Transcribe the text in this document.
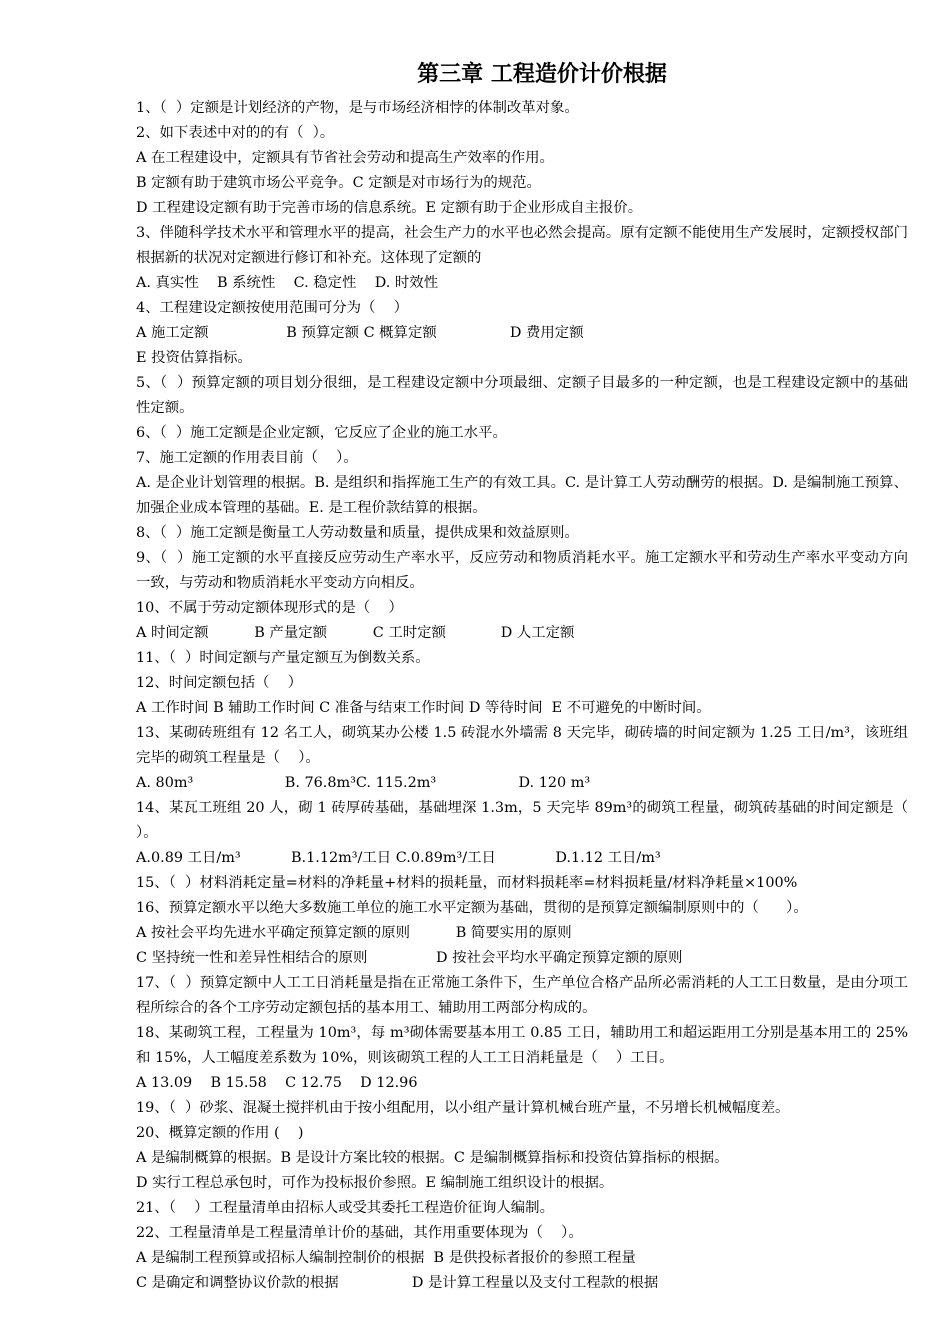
第三章 工程造价计价根据

1、（  ）定额是计划经济的产物，是与市场经济相悖的体制改革对象。

2、如下表述中对的的有（  ）。

A 在工程建设中，定额具有节省社会劳动和提高生产效率的作用。

B 定额有助于建筑市场公平竞争。C 定额是对市场行为的规范。

D 工程建设定额有助于完善市场的信息系统。E 定额有助于企业形成自主报价。

3、伴随科学技术水平和管理水平的提高，社会生产力的水平也必然会提高。原有定额不能使用生产发展时，定额授权部门根据新的状况对定额进行修订和补充。这体现了定额的

A. 真实性    B 系统性    C. 稳定性    D. 时效性

4、工程建设定额按使用范围可分为（    ）

A 施工定额                 B 预算定额 C 概算定额                D 费用定额

E 投资估算指标。

5、（  ）预算定额的项目划分很细，是工程建设定额中分项最细、定额子目最多的一种定额，也是工程建设定额中的基础性定额。

6、（  ）施工定额是企业定额，它反应了企业的施工水平。

7、施工定额的作用表目前（    ）。

A. 是企业计划管理的根据。B. 是组织和指挥施工生产的有效工具。C. 是计算工人劳动酬劳的根据。D. 是编制施工预算、加强企业成本管理的基础。E. 是工程价款结算的根据。

8、（  ）施工定额是衡量工人劳动数量和质量，提供成果和效益原则。

9、（  ）施工定额的水平直接反应劳动生产率水平，反应劳动和物质消耗水平。施工定额水平和劳动生产率水平变动方向一致，与劳动和物质消耗水平变动方向相反。

10、不属于劳动定额体现形式的是（    ）

A 时间定额          B 产量定额          C 工时定额            D 人工定额

11、（  ）时间定额与产量定额互为倒数关系。

12、时间定额包括（    ）

A 工作时间 B 辅助工作时间 C 准备与结束工作时间 D 等待时间  E 不可避免的中断时间。

13、某砌砖班组有 12 名工人，砌筑某办公楼 1.5 砖混水外墙需 8 天完毕，砌砖墙的时间定额为 1.25 工日/m³，该班组完毕的砌筑工程量是（    ）。

A. 80m³                    B. 76.8m³C. 115.2m³                  D. 120 m³

14、某瓦工班组 20 人，砌 1 砖厚砖基础，基础埋深 1.3m，5 天完毕 89m³的砌筑工程量，砌筑砖基础的时间定额是（    ）。

A.0.89 工日/m³           B.1.12m³/工日 C.0.89m³/工日             D.1.12 工日/m³

15、（  ）材料消耗定量=材料的净耗量+材料的损耗量，而材料损耗率=材料损耗量/材料净耗量×100%

16、预算定额水平以绝大多数施工单位的施工水平定额为基础，贯彻的是预算定额编制原则中的（      ）。

A 按社会平均先进水平确定预算定额的原则          B 简要实用的原则

C 坚持统一性和差异性相结合的原则               D 按社会平均水平确定预算定额的原则

17、（  ）预算定额中人工工日消耗量是指在正常施工条件下，生产单位合格产品所必需消耗的人工工日数量，是由分项工程所综合的各个工序劳动定额包括的基本用工、辅助用工两部分构成的。

18、某砌筑工程，工程量为 10m³，每 m³砌体需要基本用工 0.85 工日，辅助用工和超运距用工分别是基本用工的 25%和 15%，人工幅度差系数为 10%，则该砌筑工程的人工工日消耗量是（    ）工日。

A 13.09    B 15.58    C 12.75    D 12.96

19、（  ）砂浆、混凝土搅拌机由于按小组配用，以小组产量计算机械台班产量，不另增长机械幅度差。

20、概算定额的作用 (    )

A 是编制概算的根据。B 是设计方案比较的根据。C 是编制概算指标和投资估算指标的根据。

D 实行工程总承包时，可作为投标报价参照。E 编制施工组织设计的根据。

21、（    ）工程量清单由招标人或受其委托工程造价征询人编制。

22、工程量清单是工程量清单计价的基础，其作用重要体现为（    ）。

A 是编制工程预算或招标人编制控制价的根据  B 是供投标者报价的参照工程量

C 是确定和调整协议价款的根据                D 是计算工程量以及支付工程款的根据
